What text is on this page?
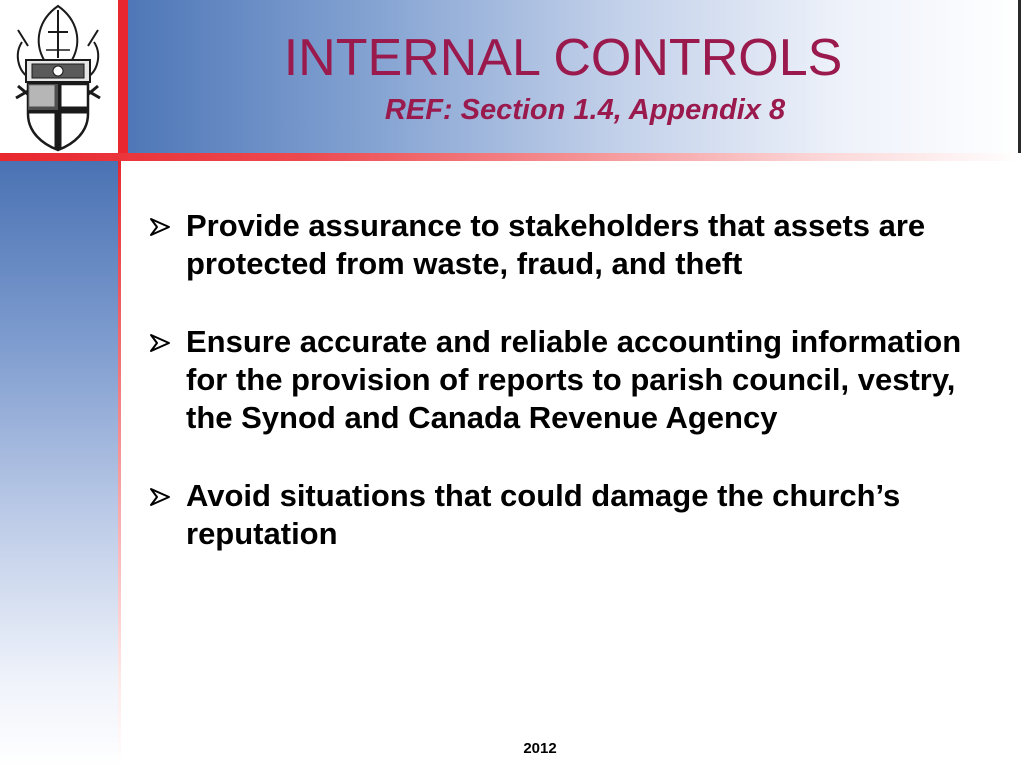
INTERNAL CONTROLS
REF: Section 1.4, Appendix 8
Provide assurance to stakeholders that assets are protected from waste, fraud, and theft
Ensure accurate and reliable accounting information for the provision of reports to parish council, vestry, the Synod and Canada Revenue Agency
Avoid situations that could damage the church’s reputation
2012
